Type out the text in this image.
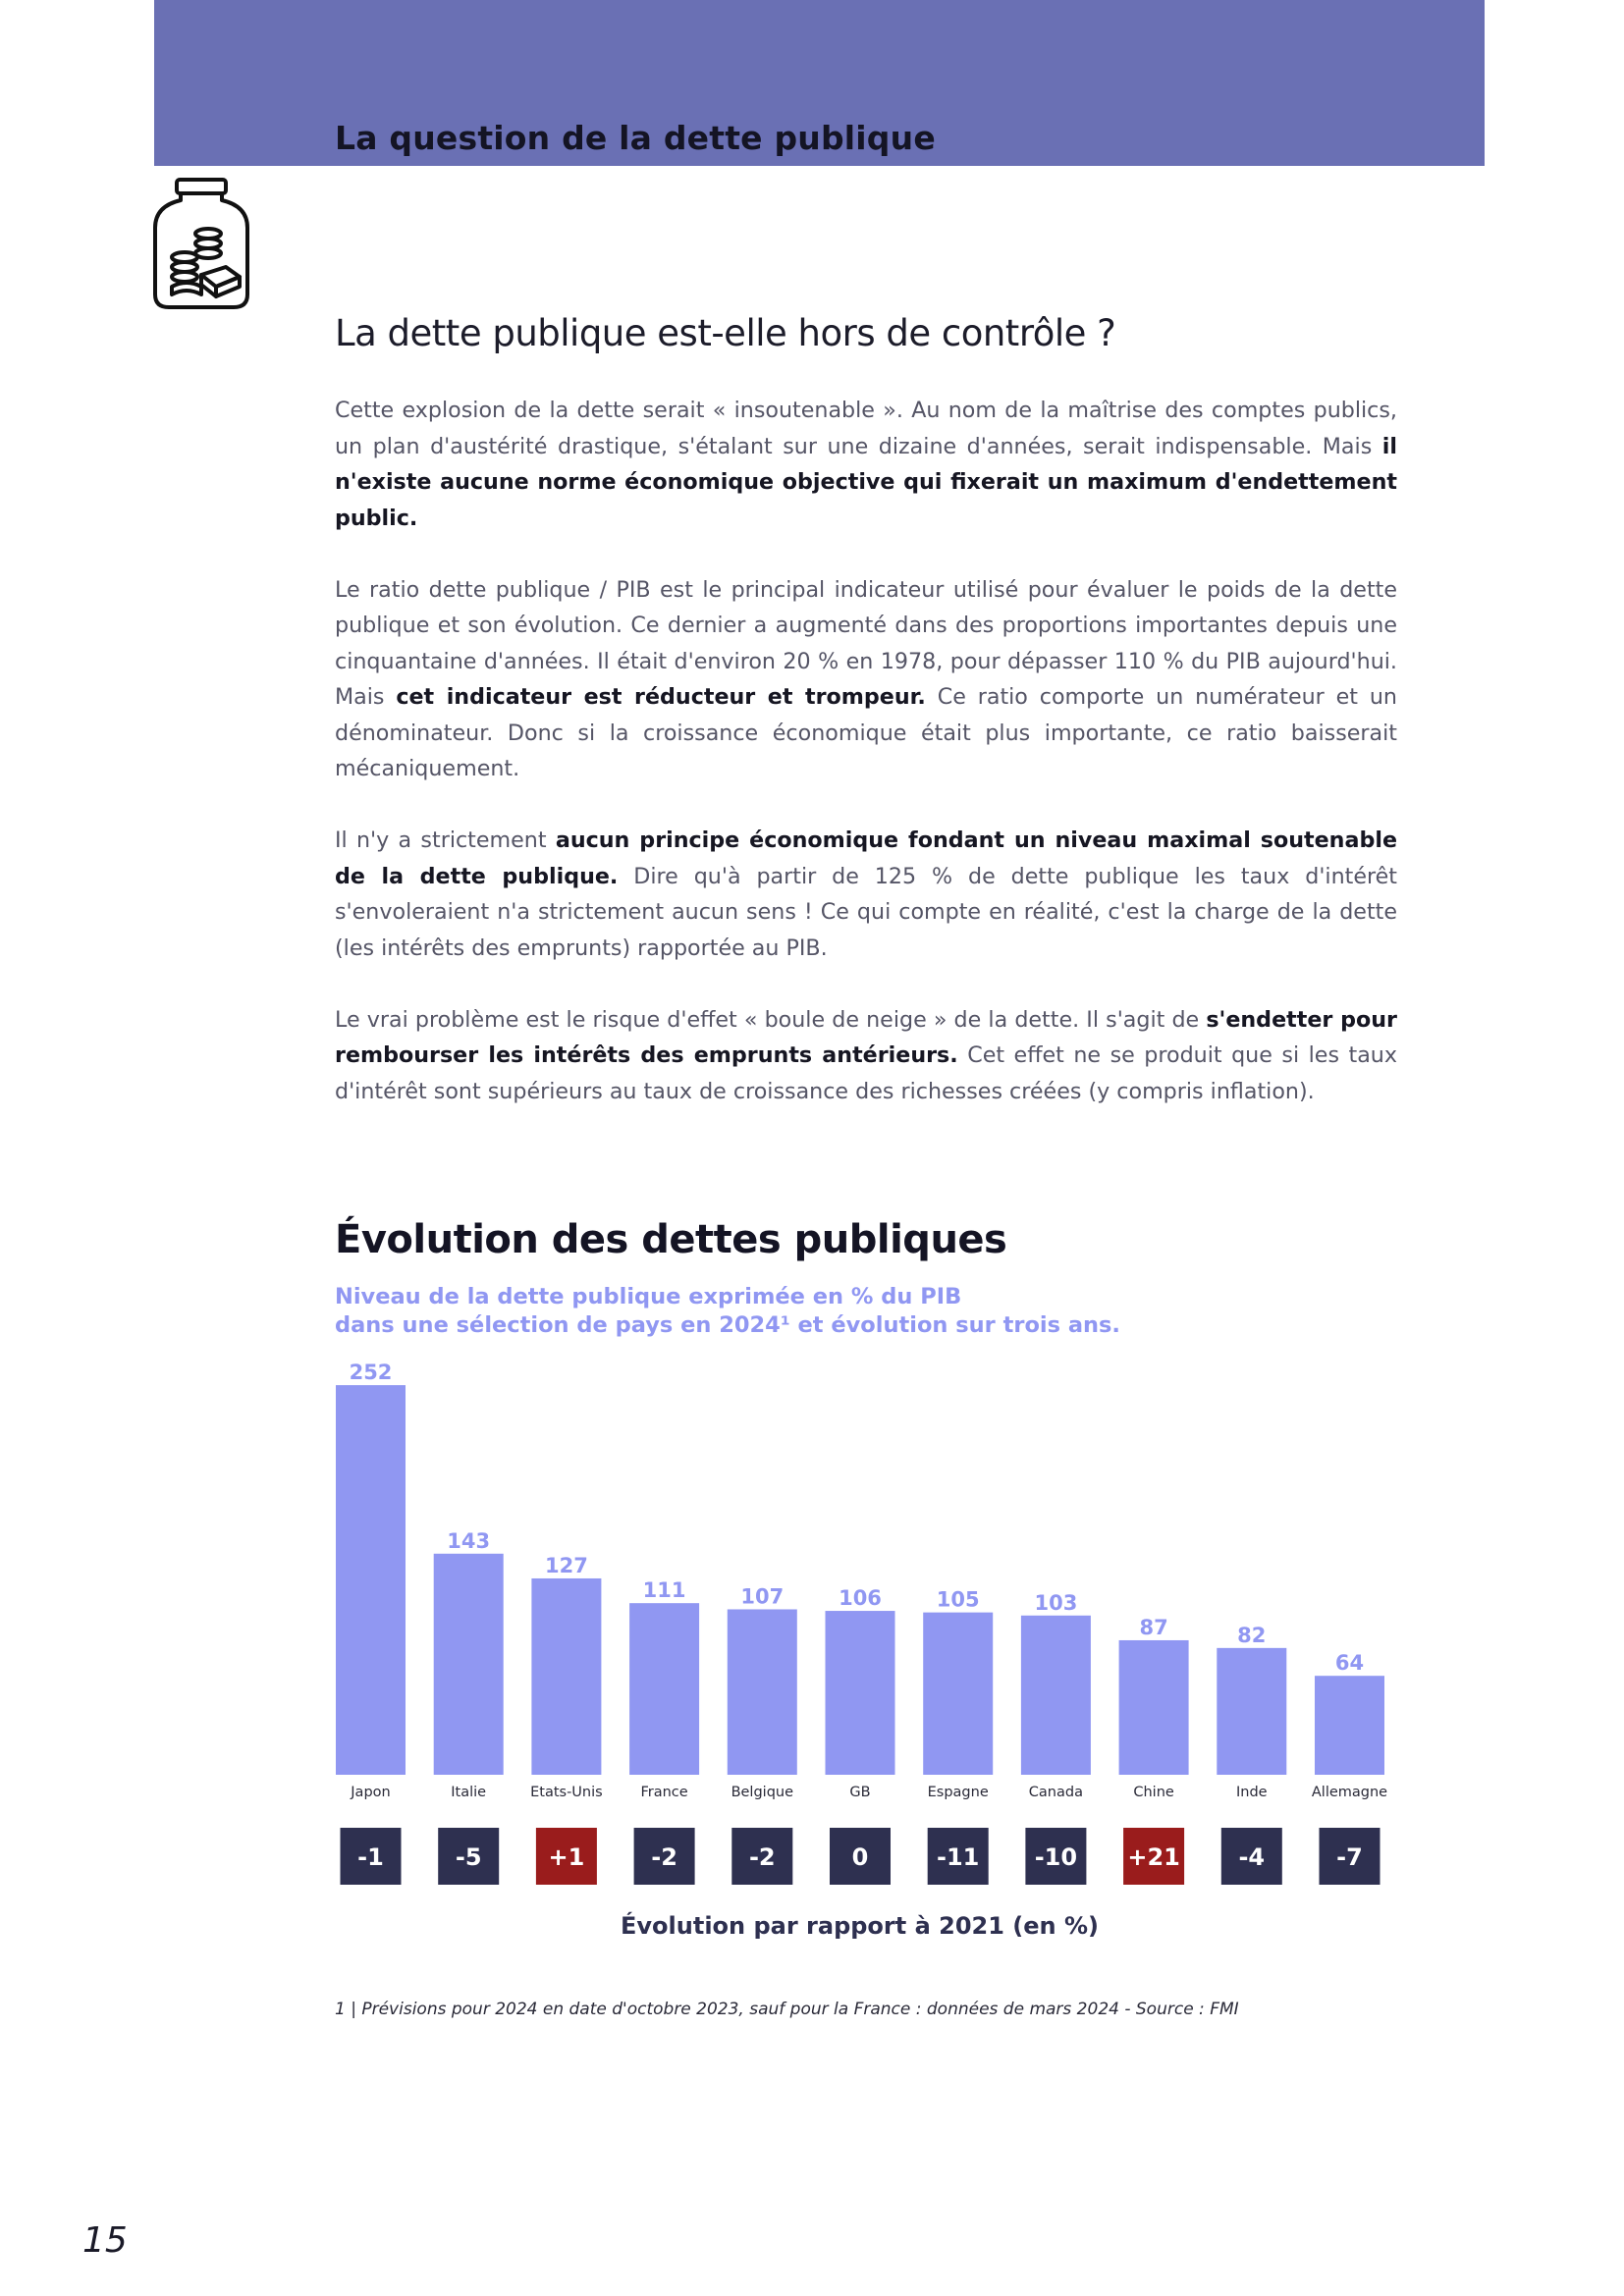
La question de la dette publique
La dette publique est-elle hors de contrôle ?

Cette explosion de la dette serait « insoutenable ». Au nom de la maîtrise des comptes publics, un plan d'austérité drastique, s'étalant sur une dizaine d'années, serait indispensable. Mais il n'existe aucune norme économique objective qui fixerait un maximum d'endettement public.

Le ratio dette publique / PIB est le principal indicateur utilisé pour évaluer le poids de la dette publique et son évolution. Ce dernier a augmenté dans des proportions importantes depuis une cinquantaine d'années. Il était d'environ 20 % en 1978, pour dépasser 110 % du PIB aujourd'hui. Mais cet indicateur est réducteur et trompeur. Ce ratio comporte un numérateur et un dénominateur. Donc si la croissance économique était plus importante, ce ratio baisserait mécaniquement.

Il n'y a strictement aucun principe économique fondant un niveau maximal soutenable de la dette publique. Dire qu'à partir de 125 % de dette publique les taux d'intérêt s'envoleraient n'a strictement aucun sens ! Ce qui compte en réalité, c'est la charge de la dette (les intérêts des emprunts) rapportée au PIB.

Le vrai problème est le risque d'effet « boule de neige » de la dette. Il s'agit de s'endetter pour rembourser les intérêts des emprunts antérieurs. Cet effet ne se produit que si les taux d'intérêt sont supérieurs au taux de croissance des richesses créées (y compris inflation).

Évolution des dettes publiques
Niveau de la dette publique exprimée en % du PIB
dans une sélection de pays en 2024¹ et évolution sur trois ans.
252
Japon
-1
143
Italie
-5
127
Etats-Unis
+1
111
France
-2
107
Belgique
-2
106
GB
0
105
Espagne
-11
103
Canada
-10
87
Chine
+21
82
Inde
-4
64
Allemagne
-7
Évolution par rapport à 2021 (en %)
1 | Prévisions pour 2024 en date d'octobre 2023, sauf pour la France : données de mars 2024 - Source : FMI
15
